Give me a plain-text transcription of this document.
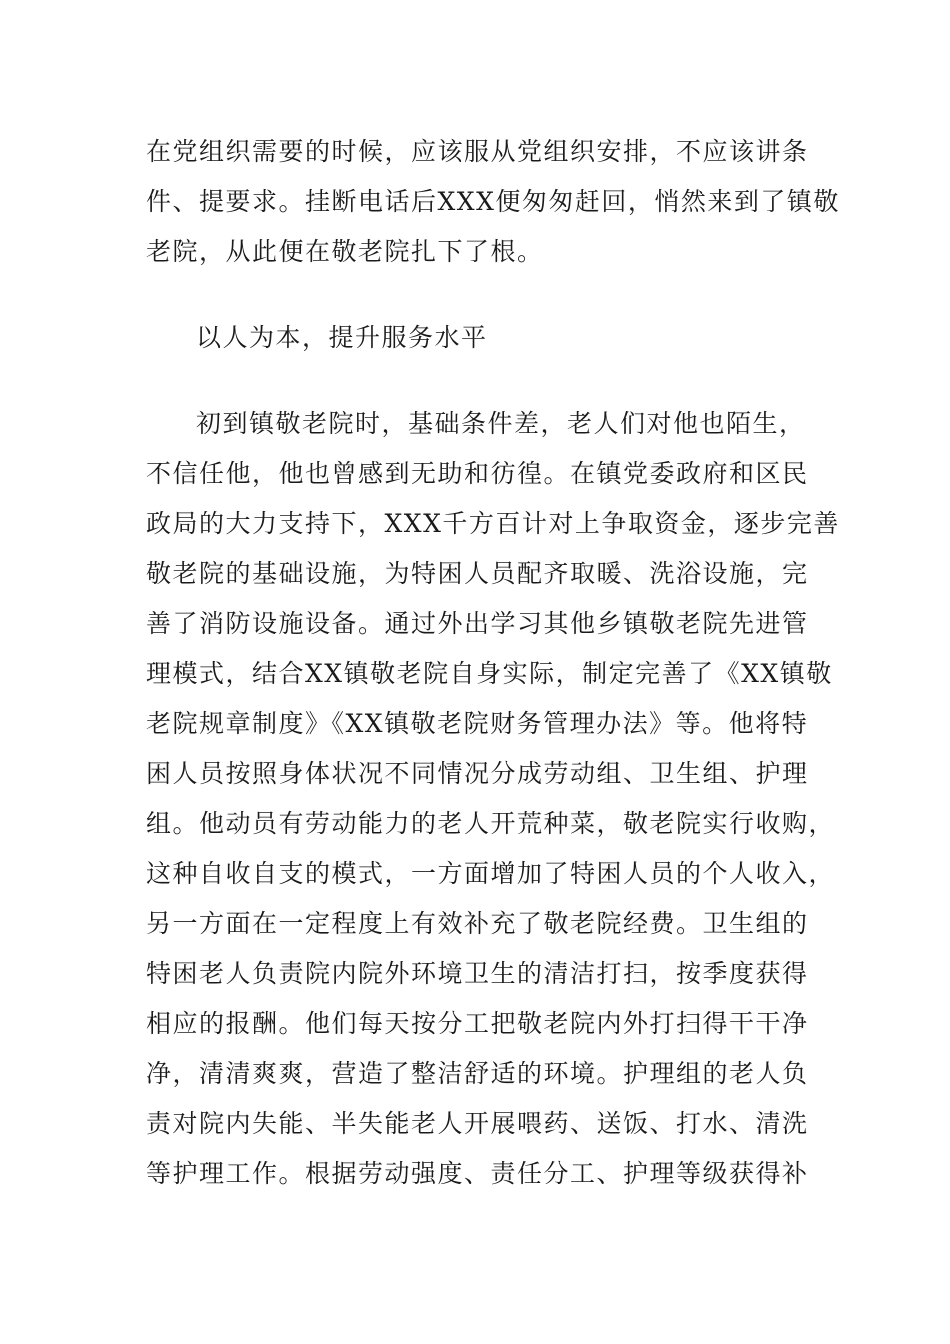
在党组织需要的时候，应该服从党组织安排，不应该讲条
件、提要求。挂断电话后XXX便匆匆赶回，悄然来到了镇敬
老院，从此便在敬老院扎下了根。
以人为本，提升服务水平
初到镇敬老院时，基础条件差，老人们对他也陌生，
不信任他，他也曾感到无助和彷徨。在镇党委政府和区民
政局的大力支持下，XXX千方百计对上争取资金，逐步完善
敬老院的基础设施，为特困人员配齐取暖、洗浴设施，完
善了消防设施设备。通过外出学习其他乡镇敬老院先进管
理模式，结合XX镇敬老院自身实际，制定完善了《XX镇敬
老院规章制度》《XX镇敬老院财务管理办法》等。他将特
困人员按照身体状况不同情况分成劳动组、卫生组、护理
组。他动员有劳动能力的老人开荒种菜，敬老院实行收购，
这种自收自支的模式，一方面增加了特困人员的个人收入，
另一方面在一定程度上有效补充了敬老院经费。卫生组的
特困老人负责院内院外环境卫生的清洁打扫，按季度获得
相应的报酬。他们每天按分工把敬老院内外打扫得干干净
净，清清爽爽，营造了整洁舒适的环境。护理组的老人负
责对院内失能、半失能老人开展喂药、送饭、打水、清洗
等护理工作。根据劳动强度、责任分工、护理等级获得补
